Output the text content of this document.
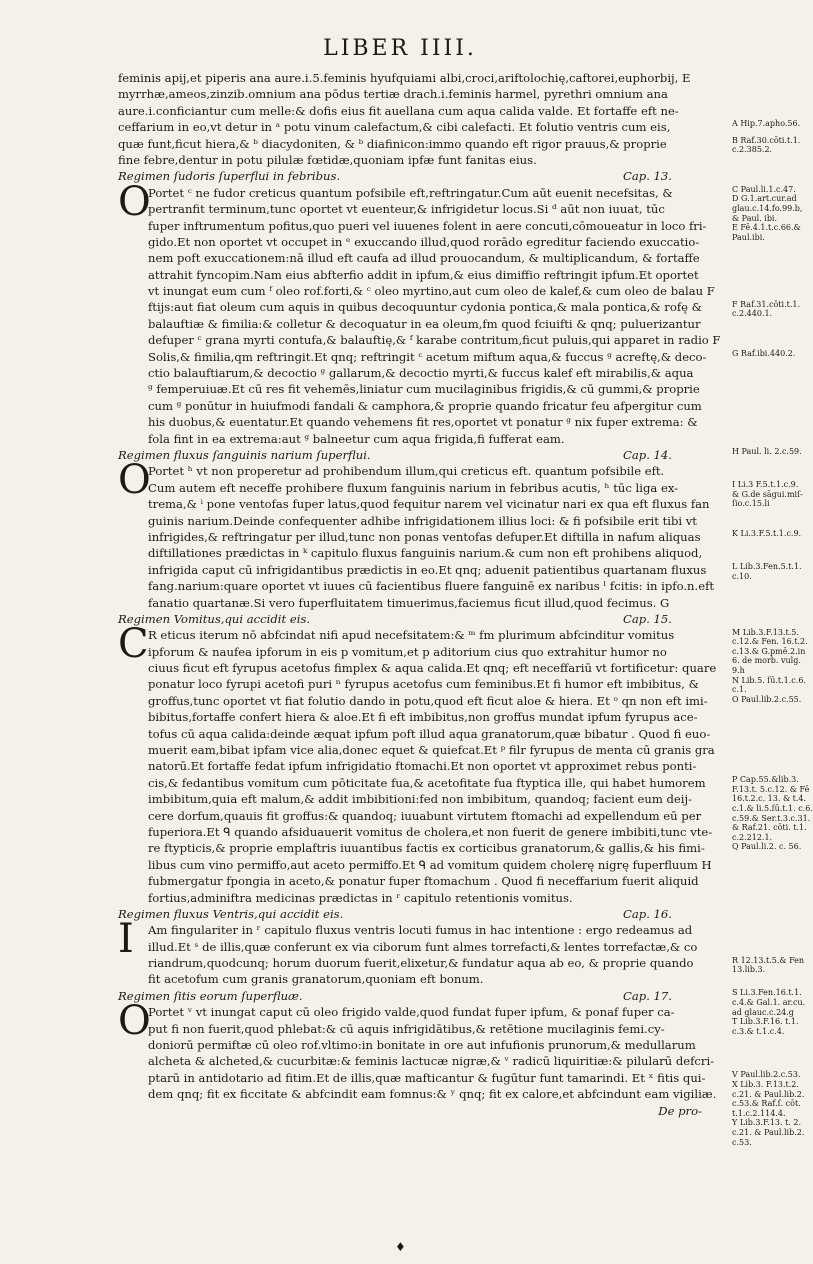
LIBER IIII.
feminis apij,et piperis ana aure.i.5.feminis hyufquiami albi,croci,ariftolochię,caftorei,euphorbij, E
myrrhæ,ameos,zinzib.omnium ana pōdus tertiæ drach.i.feminis harmel, pyrethri omnium ana
aure.i.conficiantur cum melle:& dofis eius fit auellana cum aqua calida valde. Et fortaffe eft ne-
ceffarium in eo,vt detur in ᵃ potu vinum calefactum,& cibi calefacti. Et folutio ventris cum eis,
quæ funt,ficut hiera,& ᵇ diacydoniten, & ᵇ diafinicon:immo quando eft rigor prauus,& proprie
fine febre,dentur in potu pilulæ fœtidæ,quoniam ipfæ funt fanitas eius.
Regimen ſudoris ſuperflui in febribus.	Cap. 13.
O
Portet ᶜ ne fudor creticus quantum pofsibile eft,reftringatur.Cum aūt euenit necefsitas, &
pertranfit terminum,tunc oportet vt euenteur,& infrigidetur locus.Si ᵈ aūt non iuuat, tūc
fuper inftrumentum pofitus,quo pueri vel iuuenes folent in aere concuti,cōmoueatur in loco fri-
gido.Et non oportet vt occupet in ᵉ exuccando illud,quod rorādo egreditur faciendo exuccatio-
nem poft exuccationem:nā illud eft caufa ad illud prouocandum, & multiplicandum, & fortaffe
attrahit fyncopim.Nam eius abfterfio addit in ipfum,& eius dimiffio reftringit ipfum.Et oportet
vt inungat eum cum ᶠ oleo rof.forti,& ᶜ oleo myrtino,aut cum oleo de kalef,& cum oleo de balau F
ftijs:aut fiat oleum cum aquis in quibus decoquuntur cydonia pontica,& mala pontica,& rofę &
balauftiæ & fimilia:& colletur & decoquatur in ea oleum,fm quod fciuifti & qnq; puluerizantur
defuper ᶜ grana myrti contufa,& balauftię,& ᶠ karabe contritum,ficut puluis,qui apparet in radio F
Solis,& fimilia,qm reftringit.Et qnq; reftringit ᶜ acetum miftum aqua,& fuccus ᵍ acreftę,& deco-
ctio balauftiarum,& decoctio ᵍ gallarum,& decoctio myrti,& fuccus kalef eft mirabilis,& aqua
ᵍ femperuiuæ.Et cū res fit vehemēs,liniatur cum mucilaginibus frigidis,& cū gummi,& proprie
cum ᵍ ponūtur in huiufmodi fandali & camphora,& proprie quando fricatur feu afpergitur cum
his duobus,& euentatur.Et quando vehemens fit res,oportet vt ponatur ᵍ nix fuper extrema: &
fola fint in ea extrema:aut ᵍ balneetur cum aqua frigida,fi fufferat eam.
Regimen fluxus ſanguinis narium ſuperflui.	Cap. 14.
O
Portet ʰ vt non properetur ad prohibendum illum,qui creticus eft. quantum pofsibile eft.
Cum autem eft neceffe prohibere fluxum fanguinis narium in febribus acutis, ʰ tūc liga ex-
trema,& ⁱ pone ventofas fuper latus,quod fequitur narem vel vicinatur nari ex qua eft fluxus fan
guinis narium.Deinde confequenter adhibe infrigidationem illius loci: & fi pofsibile erit tibi vt
infrigides,& reftringatur per illud,tunc non ponas ventofas defuper.Et diftilla in nafum aliquas
diftillationes prædictas in ᵏ capitulo fluxus fanguinis narium.& cum non eft prohibens aliquod,
infrigida caput cū infrigidantibus prædictis in eo.Et qnq; aduenit patientibus quartanam fluxus
fang.narium:quare oportet vt iuues cū facientibus fluere fanguinē ex naribus ˡ fcitis: in ipfo.n.eft
fanatio quartanæ.Si vero fuperfluitatem timuerimus,faciemus ficut illud,quod fecimus. G
Regimen Vomitus,qui accidit eis.	Cap. 15.
C R eticus iterum nō abfcindat nifi apud necefsitatem:& ᵐ fm plurimum abfcinditur vomitus
ipforum & naufea ipforum in eis p vomitum,et p aditorium cius quo extrahitur humor no
ciuus ficut eft fyrupus acetofus fimplex & aqua calida.Et qnq; eft neceffariū vt fortificetur: quare
ponatur loco fyrupi acetofi puri ⁿ fyrupus acetofus cum feminibus.Et fi humor eft imbibitus, &
groffus,tunc oportet vt fiat folutio dando in potu,quod eft ficut aloe & hiera. Et ᵒ qn non eft imi-
bibitus,fortaffe confert hiera & aloe.Et fi eft imbibitus,non groffus mundat ipfum fyrupus ace-
tofus cū aqua calida:deinde æquat ipfum poft illud aqua granatorum,quæ bibatur . Quod fi euo-
muerit eam,bibat ipfam vice alia,donec equet & quiefcat.Et ᵖ filr fyrupus de menta cū granis gra
natorū.Et fortaffe fedat ipfum infrigidatio ftomachi.Et non oportet vt approximet rebus ponti-
cis,& fedantibus vomitum cum pōticitate fua,& acetofitate fua ftyptica ille, qui habet humorem
imbibitum,quia eft malum,& addit imbibitioni:fed non imbibitum, quandoq; facient eum deij-
cere dorfum,quauis fit groffus:& quandoq; iuuabunt virtutem ftomachi ad expellendum eū per
fuperiora.Et ᑫ quando afsiduauerit vomitus de cholera,et non fuerit de genere imbibiti,tunc vte-
re ftypticis,& proprie emplaftris iuuantibus factis ex corticibus granatorum,& gallis,& his fimi-
libus cum vino permiffo,aut aceto permiffo.Et ᑫ ad vomitum quidem cholerę nigrę fuperfluum H
fubmergatur fpongia in aceto,& ponatur fuper ftomachum . Quod fi neceffarium fuerit aliquid
fortius,adminiftra medicinas prædictas in ʳ capitulo retentionis vomitus.
Regimen fluxus Ventris,qui accidit eis.	Cap. 16.
I Am fingulariter in ʳ capitulo fluxus ventris locuti fumus in hac intentione : ergo redeamus ad
illud.Et ˢ de illis,quæ conferunt ex via ciborum funt almes torrefacti,& lentes torrefactæ,& co
riandrum,quodcunq; horum duorum fuerit,elixetur,& fundatur aqua ab eo, & proprie quando
fit acetofum cum granis granatorum,quoniam eft bonum.
Regimen ſitis eorum ſuperfluæ.	Cap. 17.
O
Portet ᵛ vt inungat caput cū oleo frigido valde,quod fundat fuper ipfum, & ponaf fuper ca-
put fi non fuerit,quod phlebat:& cū aquis infrigidātibus,& retētione mucilaginis femi.cy-
doniorū permiftæ cū oleo rof.vltimo:in bonitate in ore aut infufionis prunorum,& medullarum
alcheta & alcheted,& cucurbitæ:& feminis lactucæ nigræ,& ᵛ radicū liquiritiæ:& pilularū defcri-
ptarū in antidotario ad fitim.Et de illis,quæ mafticantur & fugūtur funt tamarindi. Et ˣ fitis qui-
dem qnq; fit ex ficcitate & abfcindit eam fomnus:& ʸ qnq; fit ex calore,et abfcindunt eam vigiliæ.
De pro-
A Hip.7.apho.56.
B Raf.30.cōti.t.1.
c.2.385.2.
C Paul.li.1.c.47.
D G.1.art.cur.ad
glau.c.14.fo.99.b,
& Paul. ibi.
E Fē.4.1.t.c.66.&
Paul.ibi.
F Raf.31.cōti.t.1.
c.2.440.1.
G Raf.ibi.440.2.
H Paul. li. 2.c.59.
I Li.3 F.5.t.1.c.9.
& G.de sāgui.miſ-
ſio.c.15.li
K Li.3.F.5.t.1.c.9.
L Lib.3.Fen.5.t.1.
c.10.
M Lib.3.F.13.t.5.
c.12.& Fen. 16.t.2.
c.13.& G.pmē.2.in
6. de morb. vulg.
9.h
N Lib.5. ſū.t.1.c.6.
c.1.
O Paul.lib.2.c.55.
P Cap.55.&lib.3.
F.13.t. 5.c.12. & Fē
16.t.2.c. 13. & t.4.
c.1.& li.5.ſū.t.1. c.6.
c.59.& Ser.t.3.c.31.
& Raf.21. cōti. t.1.
c.2.212.1.
Q Paul.li.2. c. 56.
R 12.13.t.5.& Fen
13.lib.3.
S Li.3.Fen.16.t.1.
c.4.& Gal.1. ar.cu.
ad glauc.c.24.g
T Lib.3.F.16. t.1.
c.3.& t.1.c.4.
V Paul.lib.2.c.53.
X Lib.3. F.13.t.2.
c.21. & Paul.lib.2.
c.53.& Raf.ſ. cōt.
t.1.c.2.114.4.
Y Lib.3.F.13. t. 2.
c.21. & Paul.lib.2.
c.53.
♦
